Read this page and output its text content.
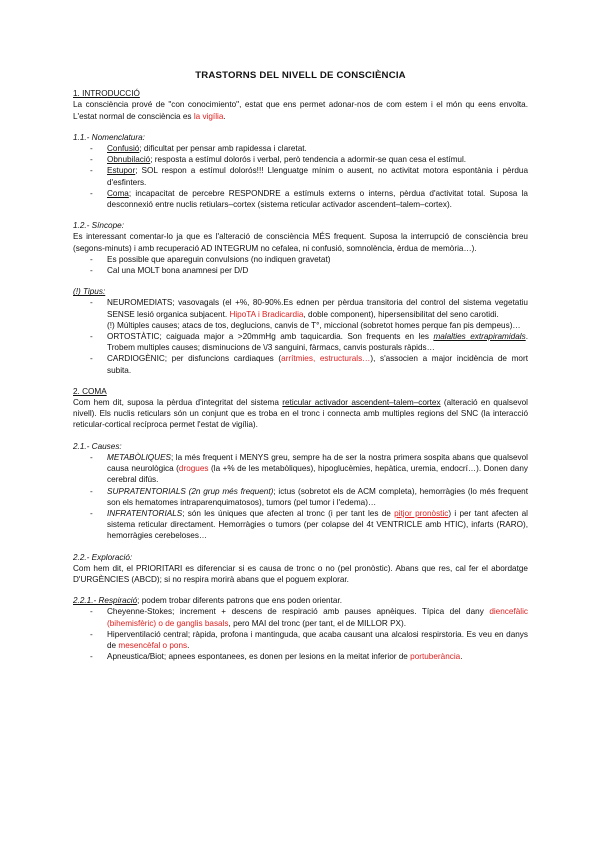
TRASTORNS DEL NIVELL DE CONSCIÈNCIA
1. INTRODUCCIÓ

La consciència prové de "con conocimiento", estat que ens permet adonar-nos de com estem i el món qu eens envolta. L'estat normal de consciència es la vigília.

1.1.- Nomenclatura:
- Confusió; dificultat per pensar amb rapidessa i claretat.
- Obnubilació; resposta a estímul dolorós i verbal, però tendencia a adormir-se quan cesa el estímul.
- Estupor; SOL respon a estímul dolorós!!! Llenguatge mínim o ausent, no activitat motora espontània i pèrdua d'esfinters.
- Coma; incapacitat de percebre RESPONDRE a estímuls externs o interns, pèrdua d'activitat total. Suposa la desconnexió entre nuclis retiulars–cortex (sistema reticular activador ascendent–talem–cortex).
1.2.- Síncope:

Es interessant comentar-lo ja que es l'alteració de consciència MÉS frequent. Suposa la interrupció de consciència breu (segons-minuts) i amb recuperació AD INTEGRUM no cefalea, ni confusió, somnolència, èrdua de memòria…).

- Es possible que apareguin convulsions (no indiquen gravetat)
- Cal una MOLT bona anamnesi per D/D
(!) Tipus:
- NEUROMEDIATS; vasovagals (el +%, 80-90%.Es ednen per pèrdua transitoria del control del sistema vegetatiu SENSE lesió organica subjacent. HipoTA i Bradicardia, doble component), hipersensibilitat del seno carotidi.
(!) Múltiples causes; atacs de tos, deglucions, canvis de T°, miccional (sobretot homes perque fan pis dempeus)…
- ORTOSTÀTIC; caiguada major a >20mmHg amb taquicardia. Son frequents en les malalties extrapiramidals. Trobem multiples causes; disminucions de \/3 sanguini, fàrmacs, canvis posturals ràpids…
- CARDIOGÈNIC; per disfuncions cardiaques (arrítmies, estructurals…), s'associen a major incidència de mort subita.
2. COMA

Com hem dit, suposa la pèrdua d'integritat del sistema reticular activador ascendent–talem–cortex (alteració en qualsevol nivell). Els nuclis reticulars són un conjunt que es troba en el tronc i connecta amb multiples regions del SNC (la interacció reticular-cortical recíproca permet l'estat de vigília).

2.1.- Causes:
- METABÒLIQUES; la més frequent i MENYS greu, sempre ha de ser la nostra primera sospita abans que qualsevol causa neurològica (drogues (la +% de les metabòliques), hipoglucèmies, hepàtica, uremia, endocrí…). Donen dany cerebral difús.
- SUPRATENTORIALS (2n grup més frequent); ictus (sobretot els de ACM completa), hemorràgies (lo més frequent son els hematomes intraparenquimatosos), tumors (pel tumor i l'edema)…
- INFRATENTORIALS; són les úniques que afecten al tronc (i per tant les de pitjor pronòstic) i per tant afecten al sistema reticular directament. Hemorràgies o tumors (per colapse del 4t VENTRICLE amb HTIC), infarts (RARO), hemorràgies cerebeloses…
2.2.- Exploració:

Com hem dit, el PRIORITARI es diferenciar si es causa de tronc o no (pel pronòstic). Abans que res, cal fer el abordatge D'URGÈNCIES (ABCD); si no respira morirà abans que el poguem explorar.

2.2.1.- Respiració; podem trobar diferents patrons que ens poden orientar.

- Cheyenne-Stokes; increment + descens de respiració amb pauses apnèiques. Típica del dany diencefàlic (bihemisfèric) o de ganglis basals, pero MAI del tronc (per tant, el de MILLOR PX).
- Hiperventilació central; ràpida, profona i mantinguda, que acaba causant una alcalosi respirstoria. Es veu en danys de mesencèfal o pons.
- Apneustica/Biot; apnees espontanees, es donen per lesions en la meitat inferior de portuberància.
